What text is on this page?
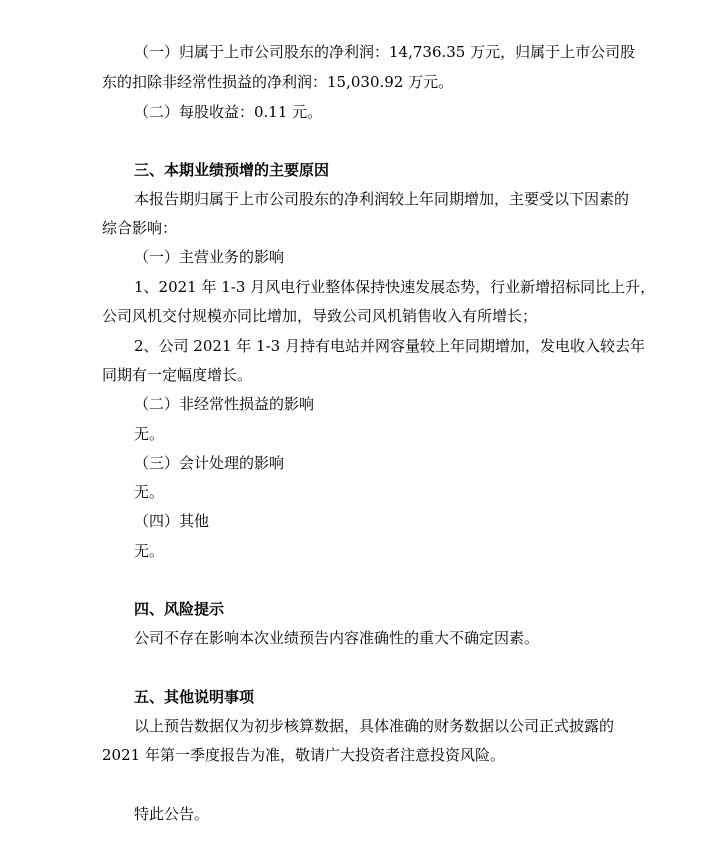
（一）归属于上市公司股东的净利润：14,736.35 万元，归属于上市公司股
东的扣除非经常性损益的净利润：15,030.92 万元。
（二）每股收益：0.11 元。
三、本期业绩预增的主要原因
本报告期归属于上市公司股东的净利润较上年同期增加，主要受以下因素的
综合影响：
（一）主营业务的影响
1、2021 年 1-3 月风电行业整体保持快速发展态势，行业新增招标同比上升，
公司风机交付规模亦同比增加，导致公司风机销售收入有所增长；
2、公司 2021 年 1-3 月持有电站并网容量较上年同期增加，发电收入较去年
同期有一定幅度增长。
（二）非经常性损益的影响
无。
（三）会计处理的影响
无。
（四）其他
无。
四、风险提示
公司不存在影响本次业绩预告内容准确性的重大不确定因素。
五、其他说明事项
以上预告数据仅为初步核算数据，具体准确的财务数据以公司正式披露的
2021 年第一季度报告为准，敬请广大投资者注意投资风险。
特此公告。
